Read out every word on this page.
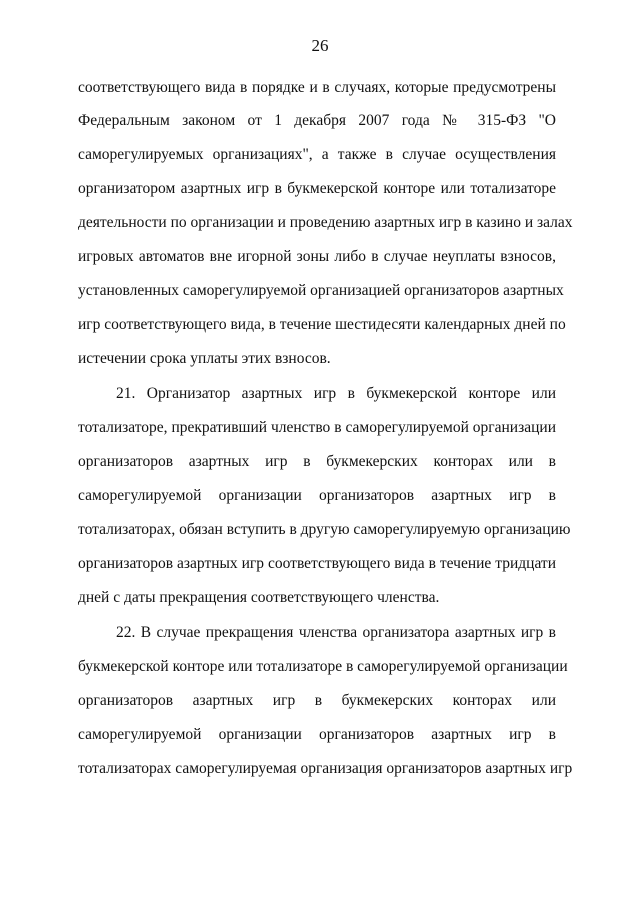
26
соответствующего вида в порядке и в случаях, которые предусмотрены
Федеральным законом от 1 декабря 2007 года № 315-ФЗ "О
саморегулируемых организациях", а также в случае осуществления
организатором азартных игр в букмекерской конторе или тотализаторе
деятельности по организации и проведению азартных игр в казино и залах
игровых автоматов вне игорной зоны либо в случае неуплаты взносов,
установленных саморегулируемой организацией организаторов азартных
игр соответствующего вида, в течение шестидесяти календарных дней по
истечении срока уплаты этих взносов.
21. Организатор азартных игр в букмекерской конторе или
тотализаторе, прекративший членство в саморегулируемой организации
организаторов азартных игр в букмекерских конторах или в
саморегулируемой организации организаторов азартных игр в
тотализаторах, обязан вступить в другую саморегулируемую организацию
организаторов азартных игр соответствующего вида в течение тридцати
дней с даты прекращения соответствующего членства.
22. В случае прекращения членства организатора азартных игр в
букмекерской конторе или тотализаторе в саморегулируемой организации
организаторов азартных игр в букмекерских конторах или
саморегулируемой организации организаторов азартных игр в
тотализаторах саморегулируемая организация организаторов азартных игр
